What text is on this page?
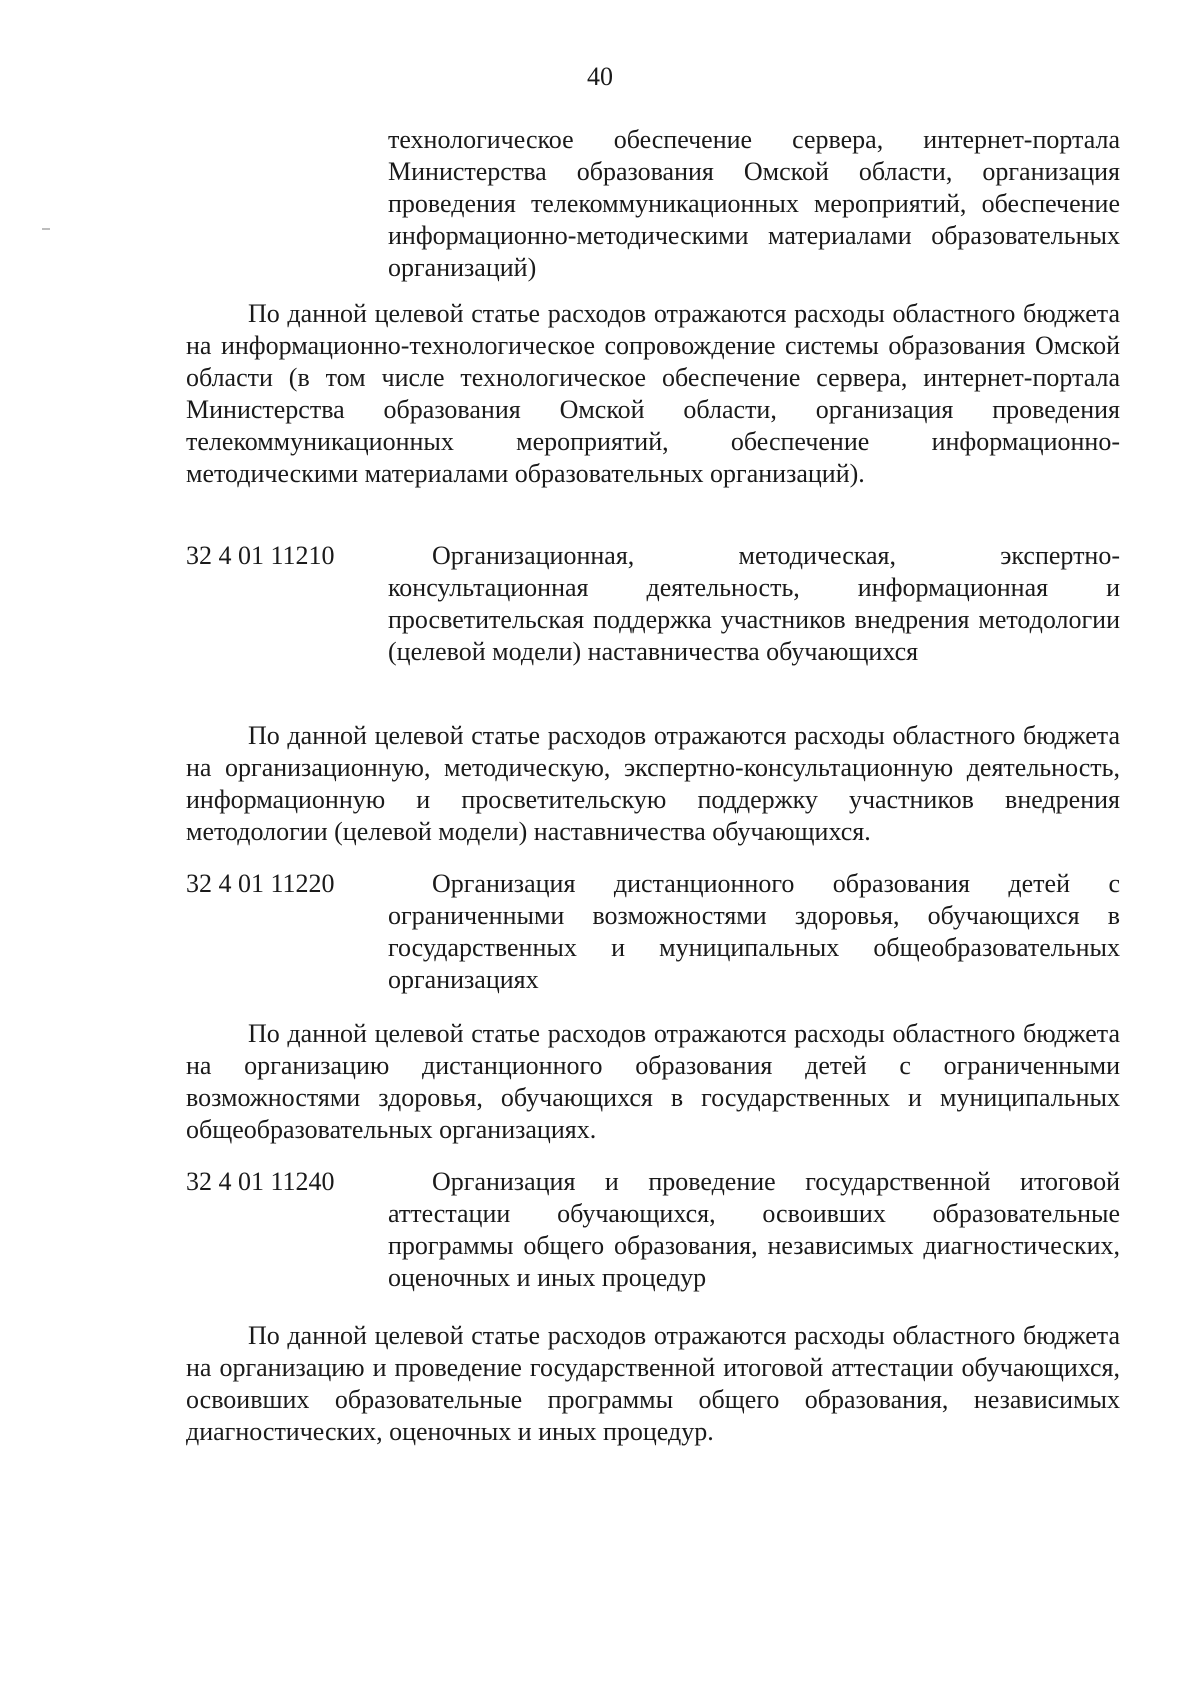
40
технологическое обеспечение сервера, интернет-портала Министерства образования Омской области, организация проведения телекоммуникационных мероприятий, обеспечение информационно-методическими материалами образовательных организаций)
По данной целевой статье расходов отражаются расходы областного бюджета на информационно-технологическое сопровождение системы образования Омской области (в том числе технологическое обеспечение сервера, интернет-портала Министерства образования Омской области, организация проведения телекоммуникационных мероприятий, обеспечение информационно-методическими материалами образовательных организаций).
32 4 01 11210	Организационная, методическая, экспертно-консультационная деятельность, информационная и просветительская поддержка участников внедрения методологии (целевой модели) наставничества обучающихся
По данной целевой статье расходов отражаются расходы областного бюджета на организационную, методическую, экспертно-консультационную деятельность, информационную и просветительскую поддержку участников внедрения методологии (целевой модели) наставничества обучающихся.
32 4 01 11220	Организация дистанционного образования детей с ограниченными возможностями здоровья, обучающихся в государственных и муниципальных общеобразовательных организациях
По данной целевой статье расходов отражаются расходы областного бюджета на организацию дистанционного образования детей с ограниченными возможностями здоровья, обучающихся в государственных и муниципальных общеобразовательных организациях.
32 4 01 11240	Организация и проведение государственной итоговой аттестации обучающихся, освоивших образовательные программы общего образования, независимых диагностических, оценочных и иных процедур
По данной целевой статье расходов отражаются расходы областного бюджета на организацию и проведение государственной итоговой аттестации обучающихся, освоивших образовательные программы общего образования, независимых диагностических, оценочных и иных процедур.
